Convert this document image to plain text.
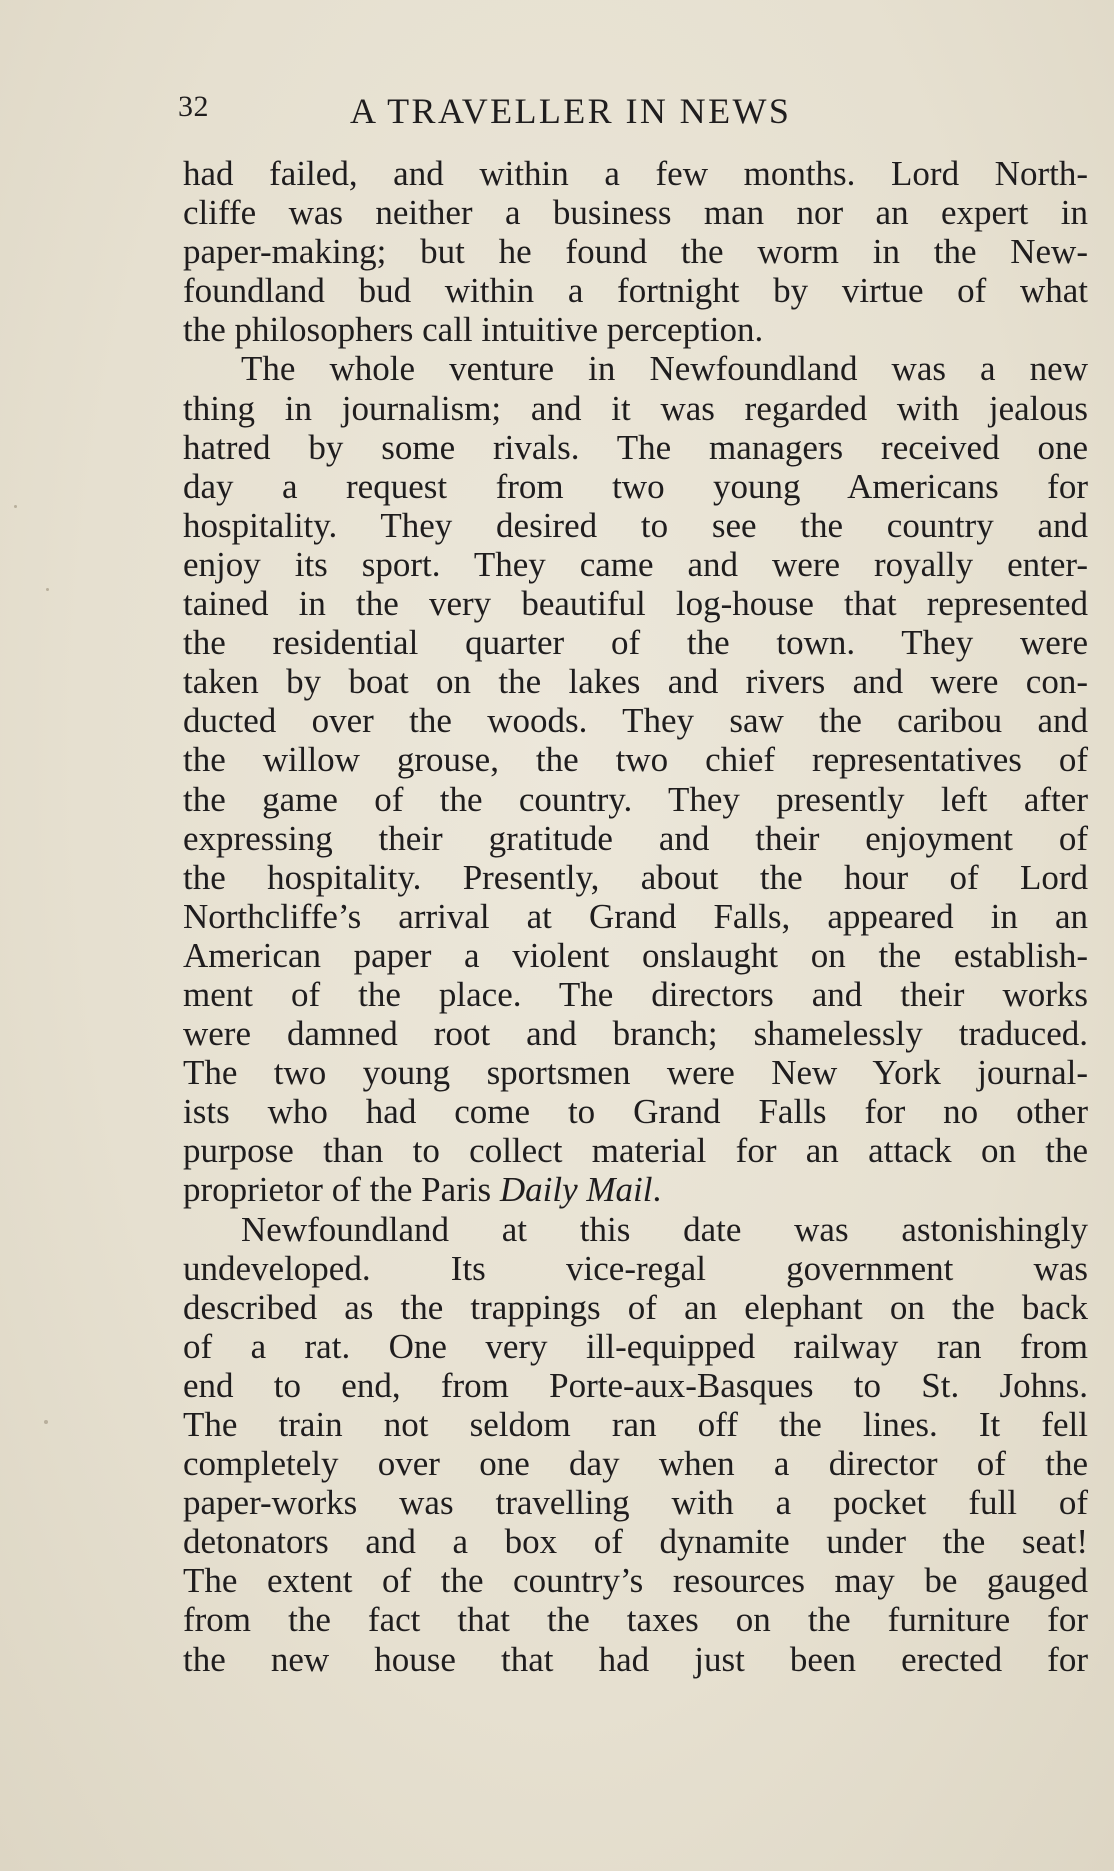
32	A TRAVELLER IN NEWS
had failed, and within a few months. Lord North-
cliffe was neither a business man nor an expert in
paper-making; but he found the worm in the New-
foundland bud within a fortnight by virtue of what
the philosophers call intuitive perception.
The whole venture in Newfoundland was a new
thing in journalism; and it was regarded with jealous
hatred by some rivals. The managers received one
day a request from two young Americans for
hospitality. They desired to see the country and
enjoy its sport. They came and were royally enter-
tained in the very beautiful log-house that represented
the residential quarter of the town. They were
taken by boat on the lakes and rivers and were con-
ducted over the woods. They saw the caribou and
the willow grouse, the two chief representatives of
the game of the country. They presently left after
expressing their gratitude and their enjoyment of
the hospitality. Presently, about the hour of Lord
Northcliffe’s arrival at Grand Falls, appeared in an
American paper a violent onslaught on the establish-
ment of the place. The directors and their works
were damned root and branch; shamelessly traduced.
The two young sportsmen were New York journal-
ists who had come to Grand Falls for no other
purpose than to collect material for an attack on the
proprietor of the Paris Daily Mail.
Newfoundland at this date was astonishingly
undeveloped. Its vice-regal government was
described as the trappings of an elephant on the back
of a rat. One very ill-equipped railway ran from
end to end, from Porte-aux-Basques to St. Johns.
The train not seldom ran off the lines. It fell
completely over one day when a director of the
paper-works was travelling with a pocket full of
detonators and a box of dynamite under the seat!
The extent of the country’s resources may be gauged
from the fact that the taxes on the furniture for
the new house that had just been erected for
